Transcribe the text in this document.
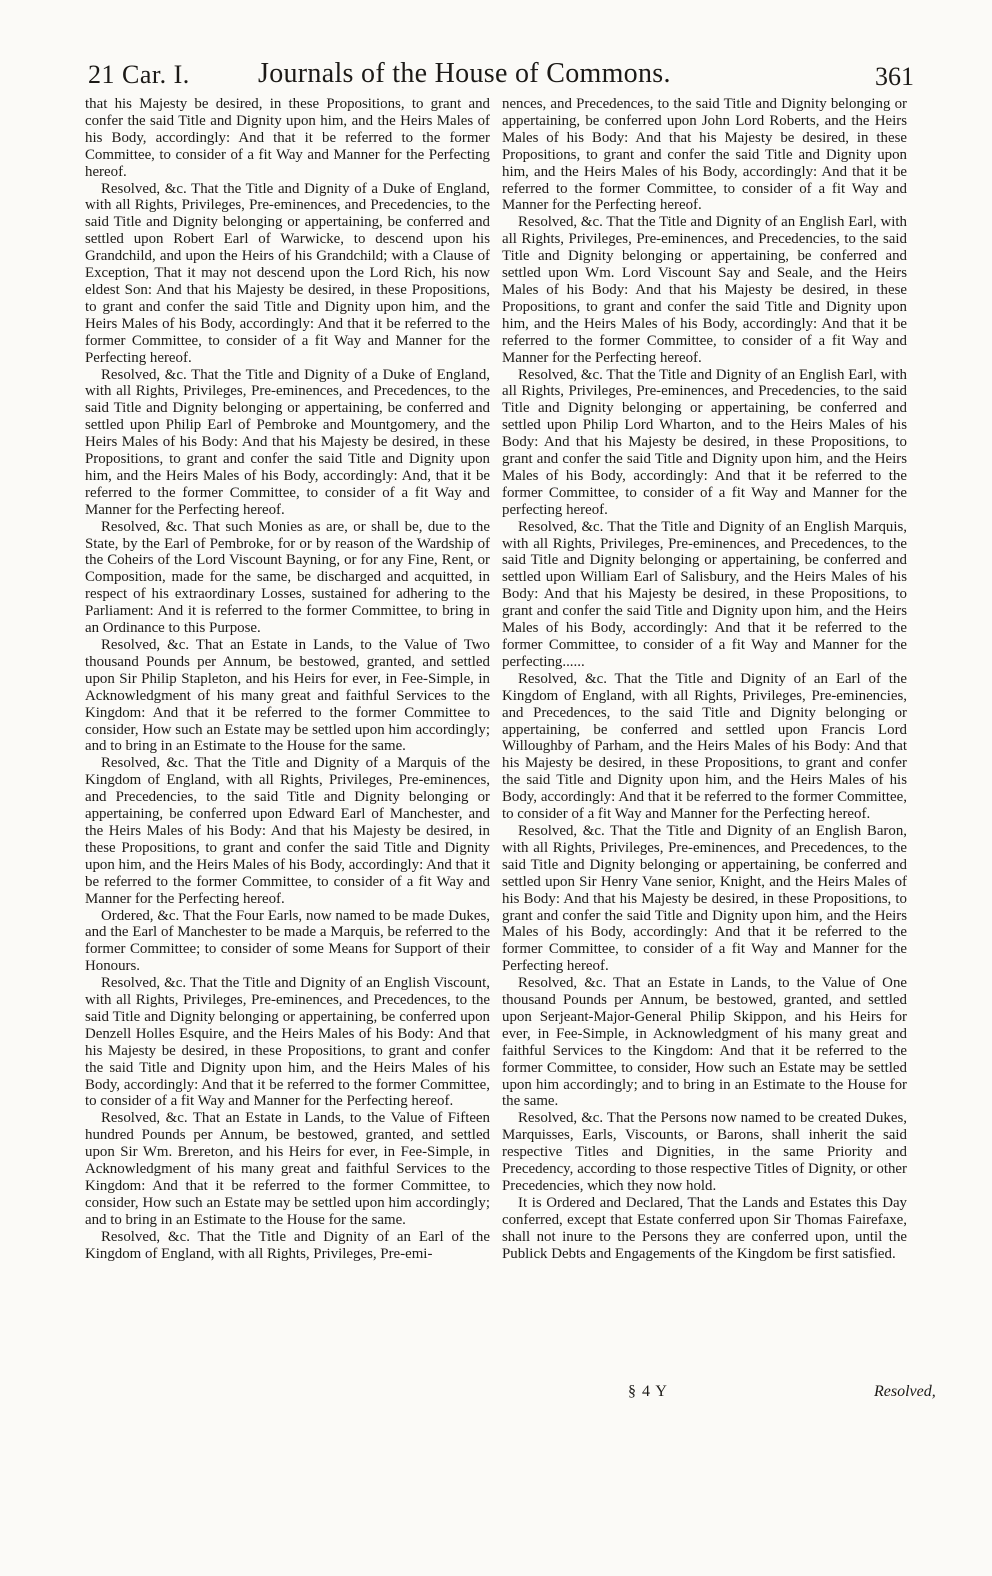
21 Car. I. Journals of the House of Commons.	361

that his Majesty be desired, in these Propositions, to grant and confer the said Title and Dignity upon him, and the Heirs Males of his Body, accordingly: And that it be referred to the former Committee, to consider of a fit Way and Manner for the Perfecting hereof.

Resolved, &c. That the Title and Dignity of a Duke of England, with all Rights, Privileges, Pre-eminences, and Precedencies, to the said Title and Dignity belonging or appertaining, be conferred and settled upon Robert Earl of Warwicke, to descend upon his Grandchild, and upon the Heirs of his Grandchild; with a Clause of Exception, That it may not descend upon the Lord Rich, his now eldest Son: And that his Majesty be desired, in these Propositions, to grant and confer the said Title and Dignity upon him, and the Heirs Males of his Body, accordingly: And that it be referred to the former Committee, to consider of a fit Way and Manner for the Perfecting hereof.

Resolved, &c. That the Title and Dignity of a Duke of England, with all Rights, Privileges, Pre-eminences, and Precedences, to the said Title and Dignity belonging or appertaining, be conferred and settled upon Philip Earl of Pembroke and Mountgomery, and the Heirs Males of his Body: And that his Majesty be desired, in these Propositions, to grant and confer the said Title and Dignity upon him, and the Heirs Males of his Body, accordingly: And, that it be referred to the former Committee, to consider of a fit Way and Manner for the Perfecting hereof.

Resolved, &c. That such Monies as are, or shall be, due to the State, by the Earl of Pembroke, for or by reason of the Wardship of the Coheirs of the Lord Viscount Bayning, or for any Fine, Rent, or Composition, made for the same, be discharged and acquitted, in respect of his extraordinary Losses, sustained for adhering to the Parliament: And it is referred to the former Committee, to bring in an Ordinance to this Purpose.

Resolved, &c. That an Estate in Lands, to the Value of Two thousand Pounds per Annum, be bestowed, granted, and settled upon Sir Philip Stapleton, and his Heirs for ever, in Fee-Simple, in Acknowledgment of his many great and faithful Services to the Kingdom: And that it be referred to the former Committee to consider, How such an Estate may be settled upon him accordingly; and to bring in an Estimate to the House for the same.

Resolved, &c. That the Title and Dignity of a Marquis of the Kingdom of England, with all Rights, Privileges, Pre-eminences, and Precedencies, to the said Title and Dignity belonging or appertaining, be conferred upon Edward Earl of Manchester, and the Heirs Males of his Body: And that his Majesty be desired, in these Propositions, to grant and confer the said Title and Dignity upon him, and the Heirs Males of his Body, accordingly: And that it be referred to the former Committee, to consider of a fit Way and Manner for the Perfecting hereof.

Ordered, &c. That the Four Earls, now named to be made Dukes, and the Earl of Manchester to be made a Marquis, be referred to the former Committee; to consider of some Means for Support of their Honours.

Resolved, &c. That the Title and Dignity of an English Viscount, with all Rights, Privileges, Pre-eminences, and Precedences, to the said Title and Dignity belonging or appertaining, be conferred upon Denzell Holles Esquire, and the Heirs Males of his Body: And that his Majesty be desired, in these Propositions, to grant and confer the said Title and Dignity upon him, and the Heirs Males of his Body, accordingly: And that it be referred to the former Committee, to consider of a fit Way and Manner for the Perfecting hereof.

Resolved, &c. That an Estate in Lands, to the Value of Fifteen hundred Pounds per Annum, be bestowed, granted, and settled upon Sir Wm. Brereton, and his Heirs for ever, in Fee-Simple, in Acknowledgment of his many great and faithful Services to the Kingdom: And that it be referred to the former Committee, to consider, How such an Estate may be settled upon him accordingly; and to bring in an Estimate to the House for the same.

Resolved, &c. That the Title and Dignity of an Earl of the Kingdom of England, with all Rights, Privileges, Pre-emi-

nences, and Precedences, to the said Title and Dignity belonging or appertaining, be conferred upon John Lord Roberts, and the Heirs Males of his Body: And that his Majesty be desired, in these Propositions, to grant and confer the said Title and Dignity upon him, and the Heirs Males of his Body, accordingly: And that it be referred to the former Committee, to consider of a fit Way and Manner for the Perfecting hereof.

Resolved, &c. That the Title and Dignity of an English Earl, with all Rights, Privileges, Pre-eminences, and Precedencies, to the said Title and Dignity belonging or appertaining, be conferred and settled upon Wm. Lord Viscount Say and Seale, and the Heirs Males of his Body: And that his Majesty be desired, in these Propositions, to grant and confer the said Title and Dignity upon him, and the Heirs Males of his Body, accordingly: And that it be referred to the former Committee, to consider of a fit Way and Manner for the Perfecting hereof.

Resolved, &c. That the Title and Dignity of an English Earl, with all Rights, Privileges, Pre-eminences, and Precedencies, to the said Title and Dignity belonging or appertaining, be conferred and settled upon Philip Lord Wharton, and to the Heirs Males of his Body: And that his Majesty be desired, in these Propositions, to grant and confer the said Title and Dignity upon him, and the Heirs Males of his Body, accordingly: And that it be referred to the former Committee, to consider of a fit Way and Manner for the perfecting hereof.

Resolved, &c. That the Title and Dignity of an English Marquis, with all Rights, Privileges, Pre-eminences, and Precedences, to the said Title and Dignity belonging or appertaining, be conferred and settled upon William Earl of Salisbury, and the Heirs Males of his Body: And that his Majesty be desired, in these Propositions, to grant and confer the said Title and Dignity upon him, and the Heirs Males of his Body, accordingly: And that it be referred to the former Committee, to consider of a fit Way and Manner for the perfecting......

Resolved, &c. That the Title and Dignity of an Earl of the Kingdom of England, with all Rights, Privileges, Pre-eminencies, and Precedences, to the said Title and Dignity belonging or appertaining, be conferred and settled upon Francis Lord Willoughby of Parham, and the Heirs Males of his Body: And that his Majesty be desired, in these Propositions, to grant and confer the said Title and Dignity upon him, and the Heirs Males of his Body, accordingly: And that it be referred to the former Committee, to consider of a fit Way and Manner for the Perfecting hereof.

Resolved, &c. That the Title and Dignity of an English Baron, with all Rights, Privileges, Pre-eminences, and Precedences, to the said Title and Dignity belonging or appertaining, be conferred and settled upon Sir Henry Vane senior, Knight, and the Heirs Males of his Body: And that his Majesty be desired, in these Propositions, to grant and confer the said Title and Dignity upon him, and the Heirs Males of his Body, accordingly: And that it be referred to the former Committee, to consider of a fit Way and Manner for the Perfecting hereof.

Resolved, &c. That an Estate in Lands, to the Value of One thousand Pounds per Annum, be bestowed, granted, and settled upon Serjeant-Major-General Philip Skippon, and his Heirs for ever, in Fee-Simple, in Acknowledgment of his many great and faithful Services to the Kingdom: And that it be referred to the former Committee, to consider, How such an Estate may be settled upon him accordingly; and to bring in an Estimate to the House for the same.

Resolved, &c. That the Persons now named to be created Dukes, Marquisses, Earls, Viscounts, or Barons, shall inherit the said respective Titles and Dignities, in the same Priority and Precedency, according to those respective Titles of Dignity, or other Precedencies, which they now hold.

It is Ordered and Declared, That the Lands and Estates this Day conferred, except that Estate conferred upon Sir Thomas Fairefaxe, shall not inure to the Persons they are conferred upon, until the Publick Debts and Engagements of the Kingdom be first satisfied.

§ 4 Y	Resolved,
